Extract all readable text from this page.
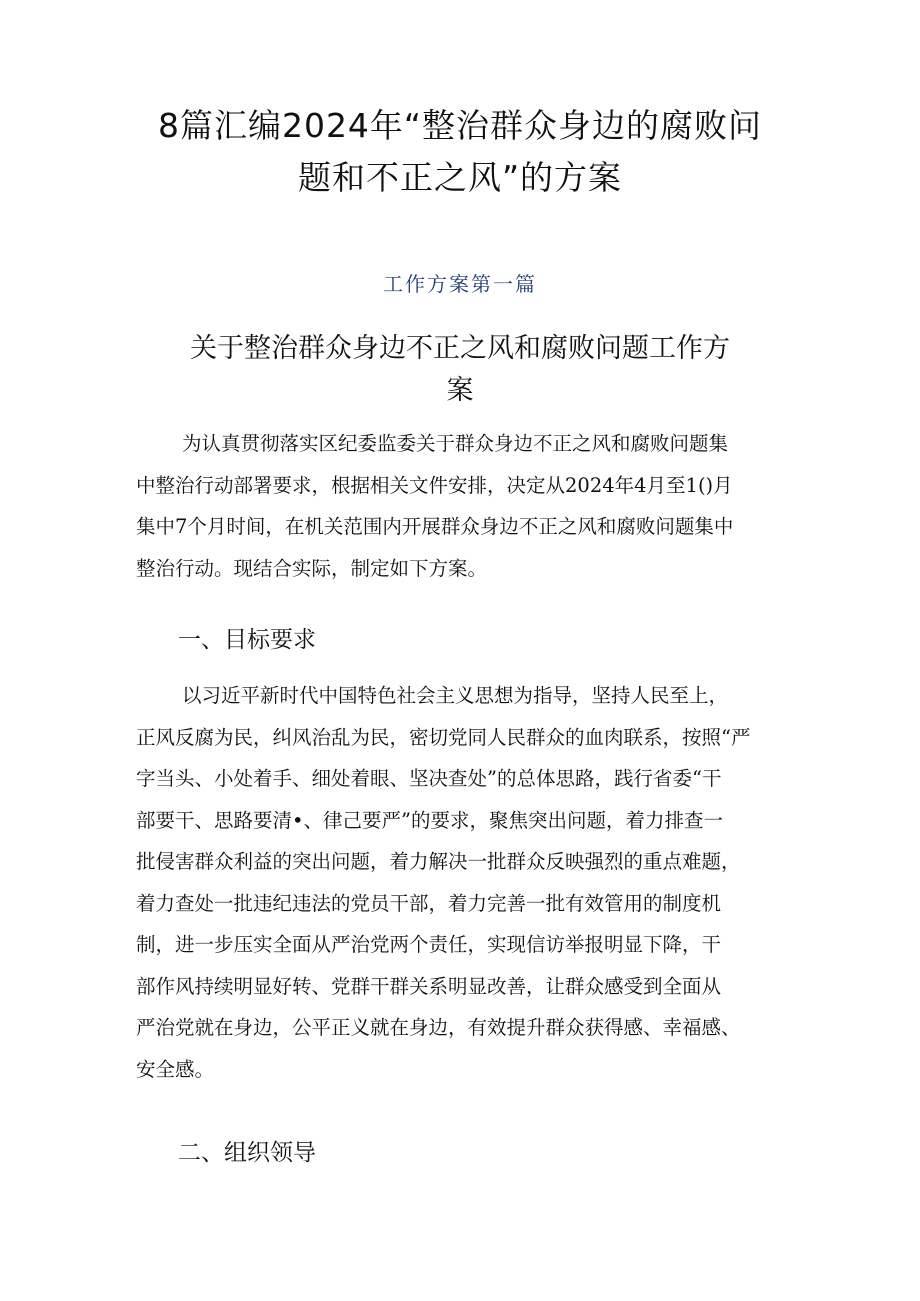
8篇汇编2024年“整治群众身边的腐败问
题和不正之风”的方案
工作方案第一篇
关于整治群众身边不正之风和腐败问题工作方
案

为认真贯彻落实区纪委监委关于群众身边不正之风和腐败问题集
中整治行动部署要求，根据相关文件安排，决定从2024年4月至1()月
集中7个月时间，在机关范围内开展群众身边不正之风和腐败问题集中
整治行动。现结合实际，制定如下方案。

一、目标要求

以习近平新时代中国特色社会主义思想为指导，坚持人民至上，
正风反腐为民，纠风治乱为民，密切党同人民群众的血肉联系，按照“严
字当头、小处着手、细处着眼、坚决查处”的总体思路，践行省委“干
部要干、思路要清•、律己要严”的要求，聚焦突出问题，着力排查一
批侵害群众利益的突出问题，着力解决一批群众反映强烈的重点难题，
着力查处一批违纪违法的党员干部，着力完善一批有效管用的制度机
制，进一步压实全面从严治党两个责任，实现信访举报明显下降，干
部作风持续明显好转、党群干群关系明显改善，让群众感受到全面从
严治党就在身边，公平正义就在身边，有效提升群众获得感、幸福感、
安全感。

二、组织领导
